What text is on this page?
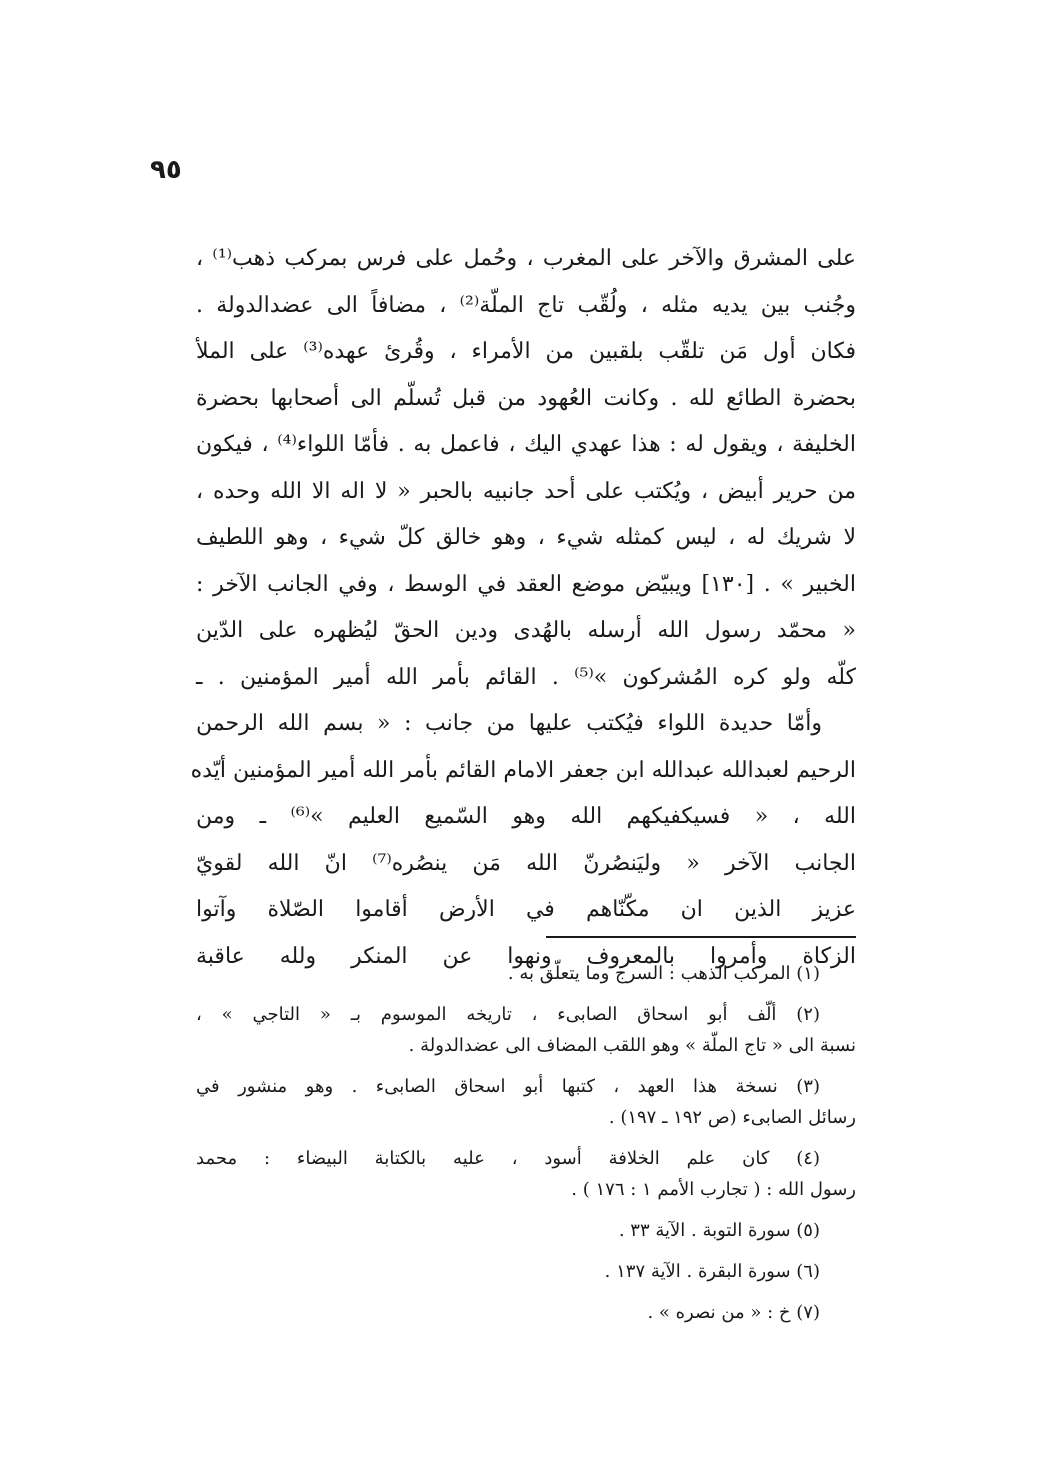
٩٥
على المشرق والآخر على المغرب ، وحُمل على فرس بمركب ذهب⁽¹⁾ ،
وجُنب بين يديه مثله ، ولُقّب تاج الملّة⁽²⁾ ، مضافاً الى عضدالدولة .
فكان أول مَن تلقّب بلقبين من الأمراء ، وقُرئ عهده⁽³⁾ على الملأ
بحضرة الطائع لله . وكانت العُهود من قبل تُسلّم الى أصحابها بحضرة
الخليفة ، ويقول له : هذا عهدي اليك ، فاعمل به . فأمّا اللواء⁽⁴⁾ ، فيكون
من حرير أبيض ، ويُكتب على أحد جانبيه بالحبر « لا اله الا الله وحده ،
لا شريك له ، ليس كمثله شيء ، وهو خالق كلّ شيء ، وهو اللطيف
الخبير » . [١٣٠] ويبيّض موضع العقد في الوسط ، وفي الجانب الآخر :
« محمّد رسول الله أرسله بالهُدى ودين الحقّ ليُظهره على الدّين
كلّه ولو كره المُشركون »⁽⁵⁾ . القائم بأمر الله أمير المؤمنين . ـ
وأمّا حديدة اللواء فيُكتب عليها من جانب : « بسم الله الرحمن
الرحيم لعبدالله عبدالله ابن جعفر الامام القائم بأمر الله أمير المؤمنين أيّده
الله ، « فسيكفيكهم الله وهو السّميع العليم »⁽⁶⁾ ـ ومن
الجانب الآخر « وليَنصُرنّ الله مَن ينصُره⁽⁷⁾ انّ الله لقويّ
عزيز الذين ان مكّنّاهم في الأرض أقاموا الصّلاة وآتوا
الزكاة وأمروا بالمعروف ونهوا عن المنكر ولله عاقبة
(١) المركب الذهب : السرج وما يتعلّق به .
(٢) ألّف أبو اسحاق الصابىء ، تاريخه الموسوم بـ « التاجي » ،
نسبة الى « تاج الملّة » وهو اللقب المضاف الى عضدالدولة .
(٣) نسخة هذا العهد ، كتبها أبو اسحاق الصابىء . وهو منشور في
رسائل الصابىء (ص ١٩٢ ـ ١٩٧) .
(٤) كان علم الخلافة أسود ، عليه بالكتابة البيضاء : محمد
رسول الله : ( تجارب الأمم ١ : ١٧٦ ) .
(٥) سورة التوبة . الآية ٣٣ .
(٦) سورة البقرة . الآية ١٣٧ .
(٧) خ : « من نصره » .
